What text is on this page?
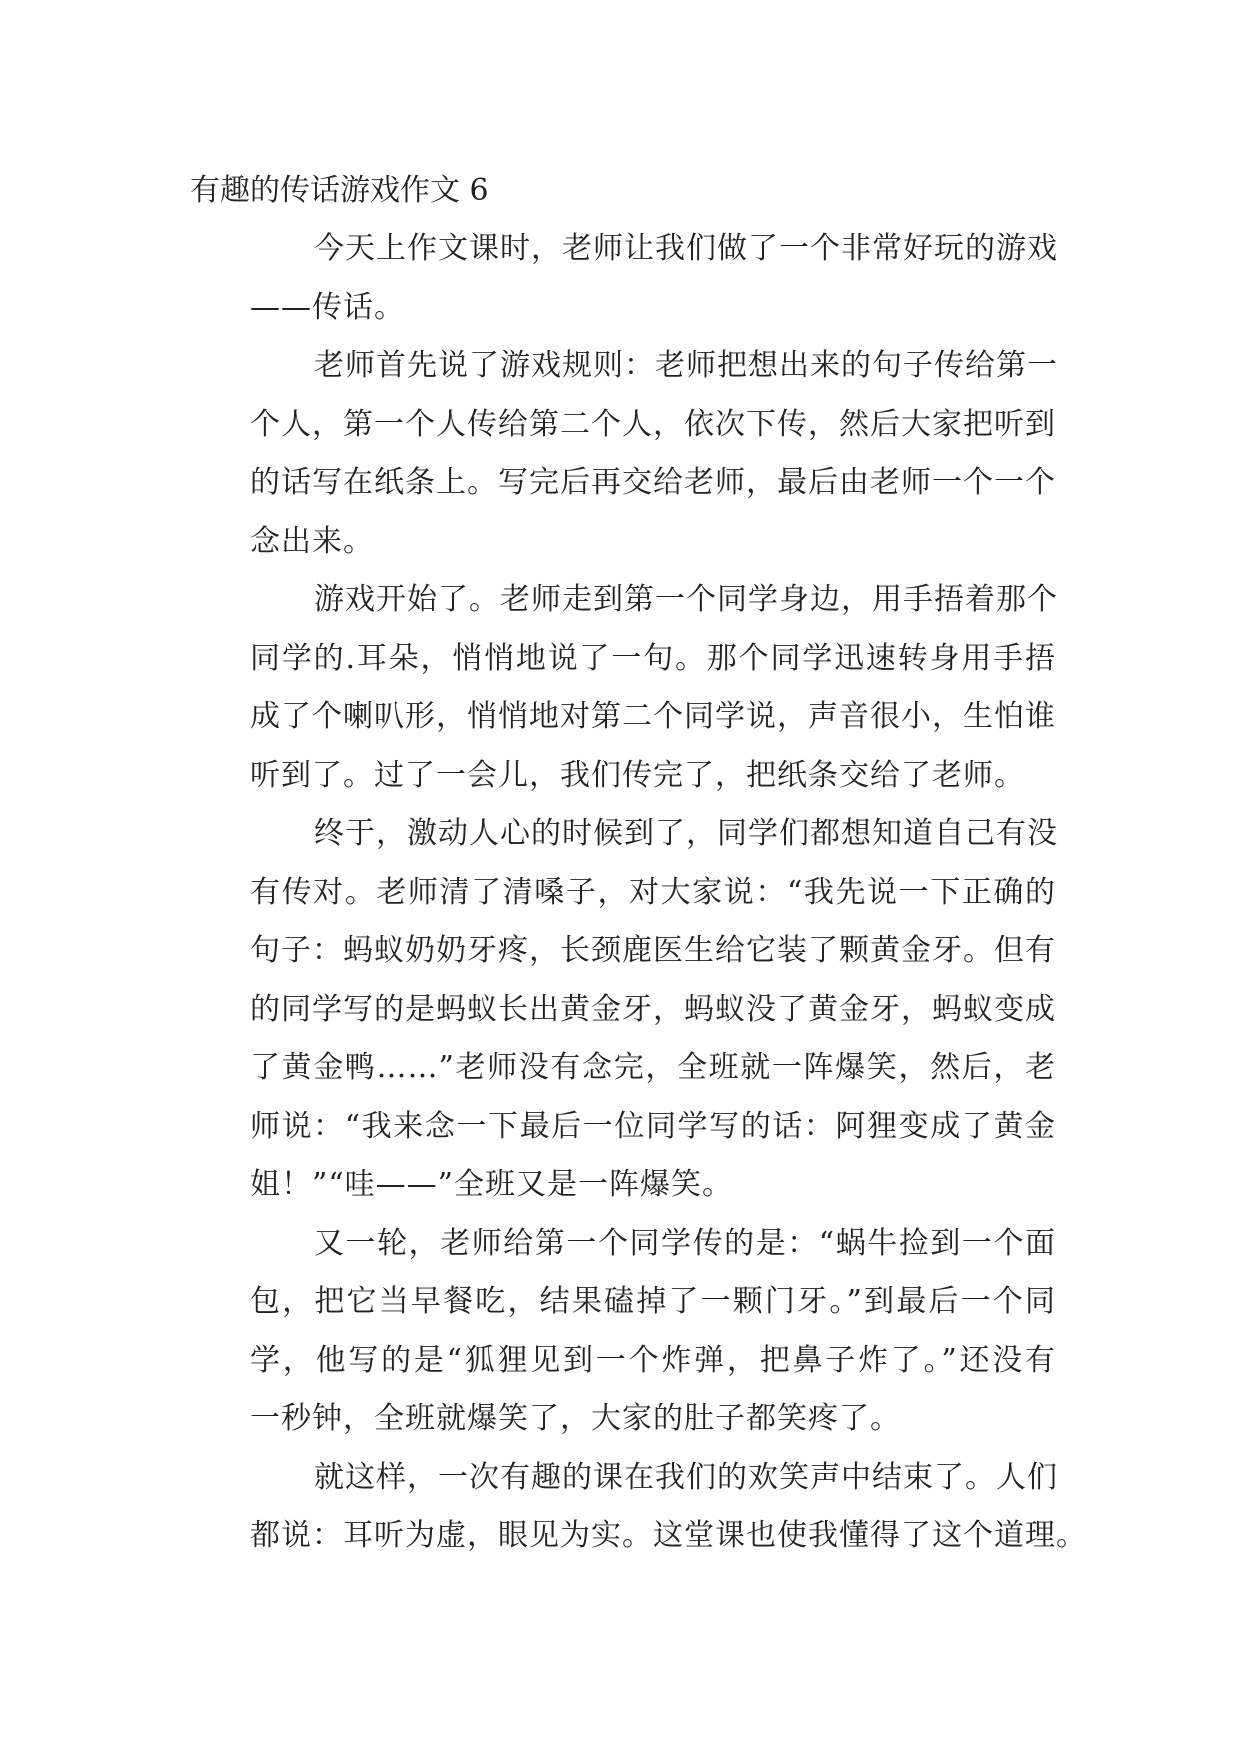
有趣的传话游戏作文 6
今天上作文课时，老师让我们做了一个非常好玩的游戏
——传话。
老师首先说了游戏规则：老师把想出来的句子传给第一
个人，第一个人传给第二个人，依次下传，然后大家把听到
的话写在纸条上。写完后再交给老师，最后由老师一个一个
念出来。
游戏开始了。老师走到第一个同学身边，用手捂着那个
同学的.耳朵，悄悄地说了一句。那个同学迅速转身用手捂
成了个喇叭形，悄悄地对第二个同学说，声音很小，生怕谁
听到了。过了一会儿，我们传完了，把纸条交给了老师。
终于，激动人心的时候到了，同学们都想知道自己有没
有传对。老师清了清嗓子，对大家说：“我先说一下正确的
句子：蚂蚁奶奶牙疼，长颈鹿医生给它装了颗黄金牙。但有
的同学写的是蚂蚁长出黄金牙，蚂蚁没了黄金牙，蚂蚁变成
了黄金鸭……”老师没有念完，全班就一阵爆笑，然后，老
师说：“我来念一下最后一位同学写的话：阿狸变成了黄金
姐！”“哇——”全班又是一阵爆笑。
又一轮，老师给第一个同学传的是：“蜗牛捡到一个面
包，把它当早餐吃，结果磕掉了一颗门牙。”到最后一个同
学，他写的是“狐狸见到一个炸弹，把鼻子炸了。”还没有
一秒钟，全班就爆笑了，大家的肚子都笑疼了。
就这样，一次有趣的课在我们的欢笑声中结束了。人们
都说：耳听为虚，眼见为实。这堂课也使我懂得了这个道理。
